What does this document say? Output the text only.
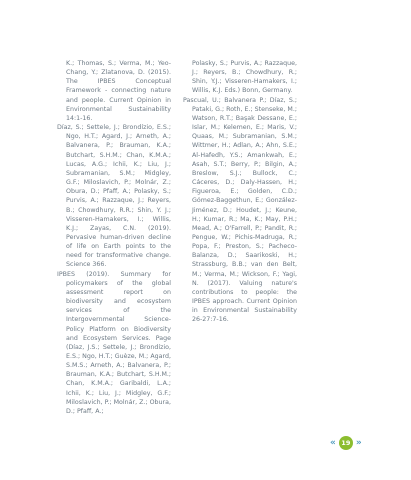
K.; Thomas, S.; Verma, M.; Yeo-Chang, Y.; Zlatanova, D. (2015). The IPBES Conceptual Framework - connecting nature and people. Current Opinion in Environmental Sustainability 14:1-16.

Díaz, S.; Settele, J.; Brondízio, E.S.; Ngo, H.T.; Agard, J.; Arneth, A.; Balvanera, P.; Brauman, K.A.; Butchart, S.H.M.; Chan, K.M.A.; Lucas, A.G.; Ichii, K.; Liu, J.; Subramanian, S.M.; Midgley, G.F.; Miloslavich, P.; Molnár, Z.; Obura, D.; Pfaff, A.; Polasky, S.; Purvis, A.; Razzaque, J.; Reyers, B.; Chowdhury, R.R.; Shin, Y. J.; Visseren-Hamakers, I.; Willis, K.J.; Zayas, C.N. (2019). Pervasive human-driven decline of life on Earth points to the need for transformative change. Science 366.

IPBES (2019). Summary for policymakers of the global assessment report on biodiversity and ecosystem services of the Intergovernmental Science-Policy Platform on Biodiversity and Ecosystem Services. Page (Díaz, J.S.; Settele, J.; Brondízio, E.S.; Ngo, H.T.; Guèze, M.; Agard, S.M.S.; Arneth, A.; Balvanera, P.; Brauman, K.A.; Butchart, S.H.M.; Chan, K.M.A.; Garibaldi, L.A.; Ichii, K.; Liu, J.; Midgley, G.F.; Miloslavich, P.; Molnár, Z.; Obura, D.; Pfaff, A.;

Polasky, S.; Purvis, A.; Razzaque, J.; Reyers, B.; Chowdhury, R.; Shin, Y.J.; Visseren-Hamakers, I.; Willis, K.J. Eds.) Bonn, Germany.

Pascual, U.; Balvanera P.; Díaz, S.; Pataki, G.; Roth, E.; Stenseke, M.; Watson, R.T.; Başak Dessane, E.; Islar, M.; Kelemen, E.; Maris, V.; Quaas, M.; Subramanian, S.M.; Wittmer, H.; Adlan, A.; Ahn, S.E.; Al-Hafedh, Y.S.; Amankwah, E.; Asah, S.T.; Berry, P.; Bilgin, A.; Breslow, S.J.; Bullock, C.; Cáceres, D.; Daly-Hassen, H.; Figueroa, E.; Golden, C.D.; Gómez-Baggethun, E.; González-Jiménez, D.; Houdet, J.; Keune, H.; Kumar, R.; Ma, K.; May, P.H.; Mead, A.; O'Farrell, P.; Pandit, R.; Pengue, W.; Pichis-Madruga, R.; Popa, F.; Preston, S.; Pacheco-Balanza, D.; Saarikoski, H.; Strassburg, B.B.; van den Belt, M.; Verma, M.; Wickson, F.; Yagi, N. (2017). Valuing nature's contributions to people: the IPBES approach. Current Opinion in Environmental Sustainability 26-27:7-16.

« 19 »
